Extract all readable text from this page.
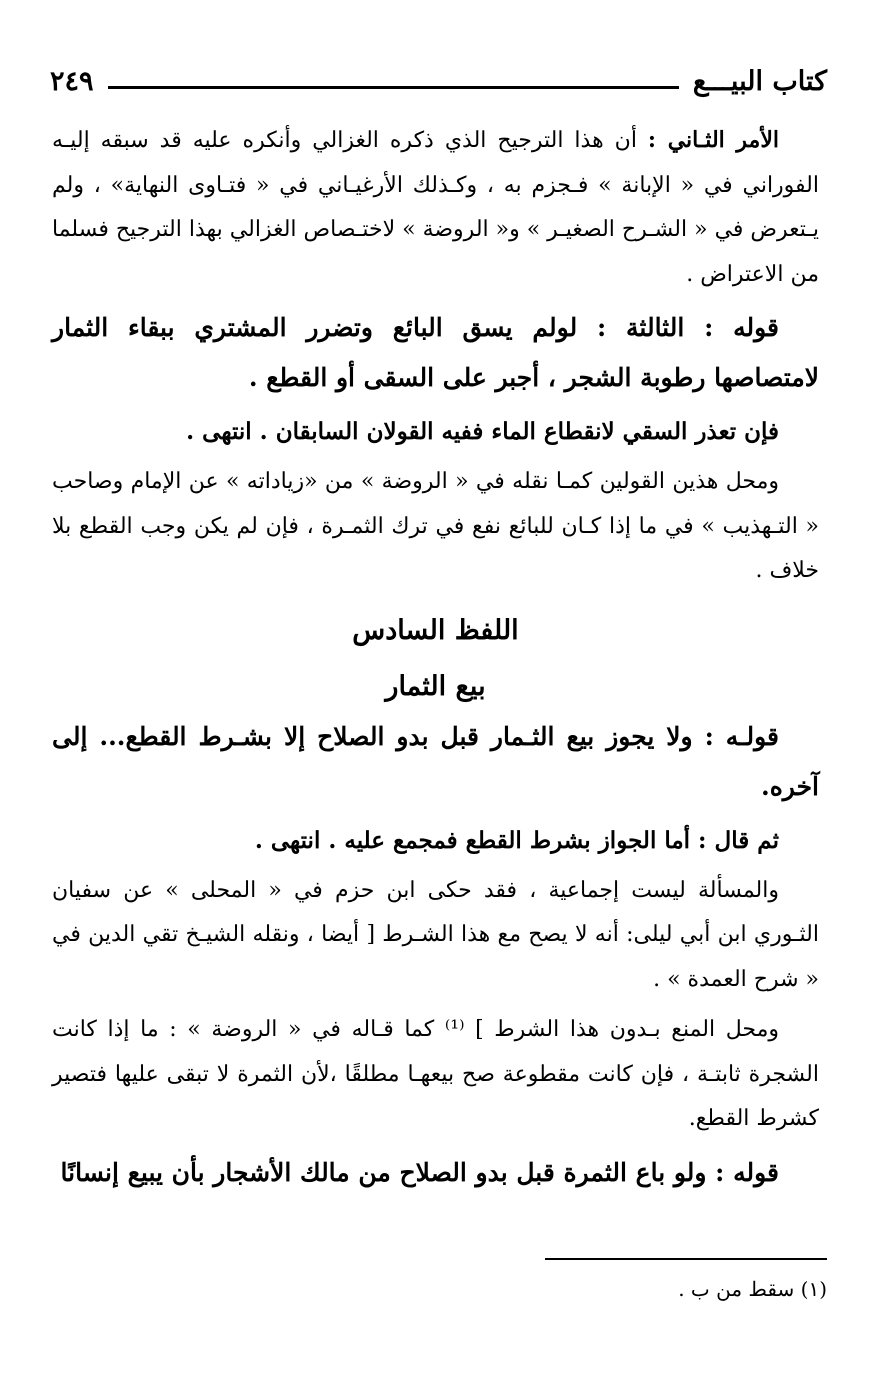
كتاب البيـــع
٢٤٩

الأمر الثـاني : أن هذا الترجيح الذي ذكره الغزالي وأنكره عليه قد سبقه إليـه الفوراني في « الإبانة » فـجزم به ، وكـذلك الأرغيـاني في « فتـاوى النهاية» ، ولم يـتعرض في « الشـرح الصغيـر » و« الروضة » لاختـصاص الغزالي بهذا الترجيح فسلما من الاعتراض .

قوله : الثالثة : لولم يسق البائع وتضرر المشتري ببقاء الثمار لامتصاصها رطوبة الشجر ، أجبر على السقى أو القطع .

فإن تعذر السقي لانقطاع الماء ففيه القولان السابقان . انتهى .

ومحل هذين القولين كمـا نقله في « الروضة » من «زياداته » عن الإمام وصاحب « التـهذيب » في ما إذا كـان للبائع نفع في ترك الثمـرة ، فإن لم يكن وجب القطع بلا خلاف .

اللفظ السادس

بيع الثمار

قولـه : ولا يجوز بيع الثـمار قبل بدو الصلاح إلا بشـرط القطع... إلى آخره.

ثم قال : أما الجواز بشرط القطع فمجمع عليه . انتهى .

والمسألة ليست إجماعية ، فقد حكى ابن حزم في « المحلى » عن سفيان الثـوري ابن أبي ليلى: أنه لا يصح مع هذا الشـرط [ أيضا ، ونقله الشيـخ تقي الدين في « شرح العمدة » .

ومحل المنع بـدون هذا الشرط ] ⁽¹⁾ كما قـاله في « الروضة » : ما إذا كانت الشجرة ثابتـة ، فإن كانت مقطوعة صح بيعهـا مطلقًا ،لأن الثمرة لا تبقى عليها فتصير كشرط القطع.

قوله : ولو باع الثمرة قبل بدو الصلاح من مالك الأشجار بأن يبيع إنسانًا

(١) سقط من ب .
